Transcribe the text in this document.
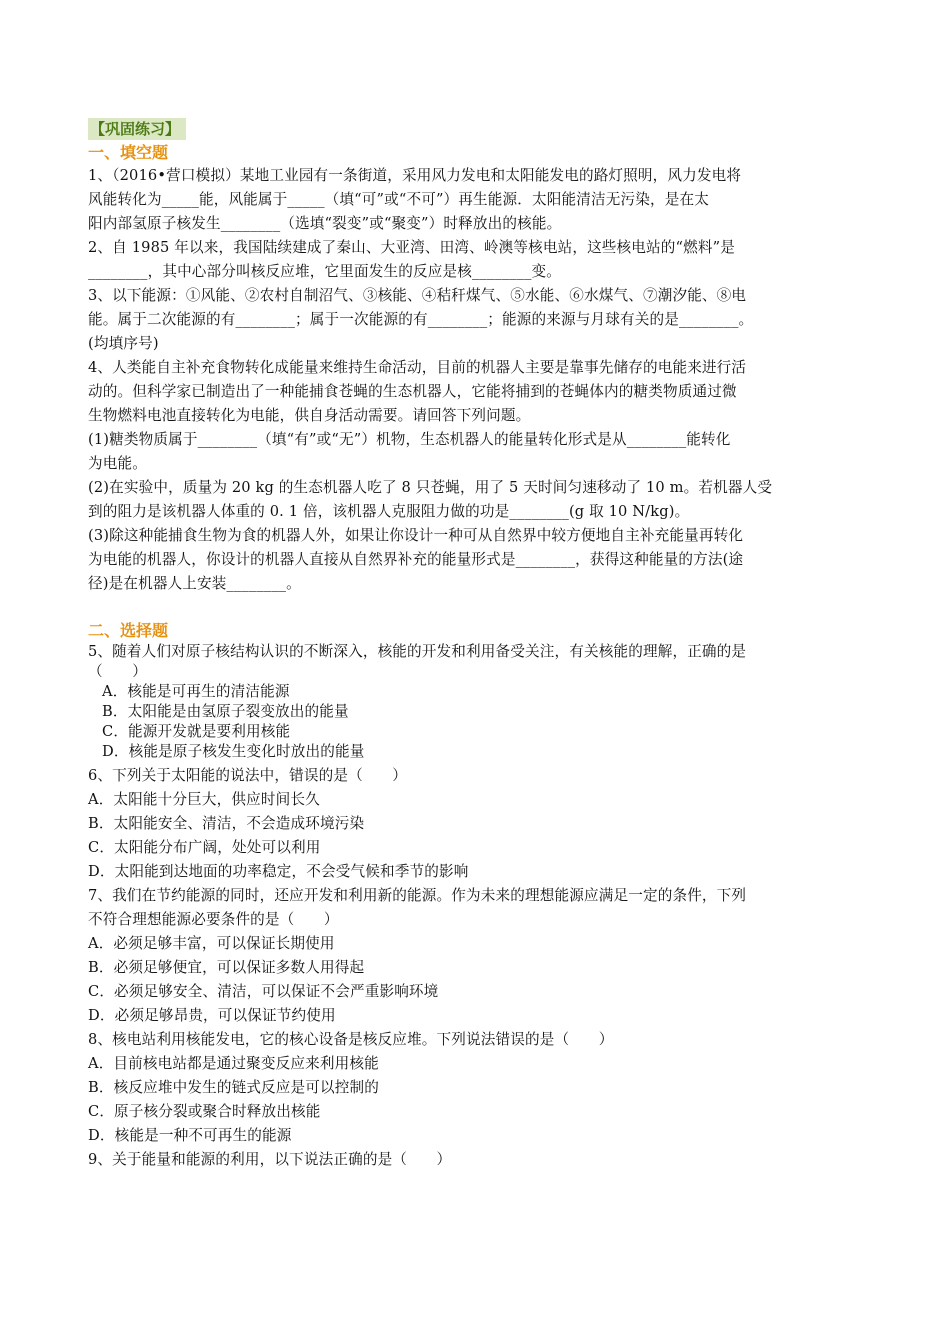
【巩固练习】
一、填空题
1、（2016•营口模拟）某地工业园有一条街道，采用风力发电和太阳能发电的路灯照明，风力发电将
风能转化为_____能，风能属于_____（填“可”或“不可”）再生能源．太阳能清洁无污染，是在太
阳内部氢原子核发生________（选填“裂变”或“聚变”）时释放出的核能。
2、自 1985 年以来，我国陆续建成了秦山、大亚湾、田湾、岭澳等核电站，这些核电站的“燃料”是
________，其中心部分叫核反应堆，它里面发生的反应是核________变。
3、以下能源：①风能、②农村自制沼气、③核能、④秸秆煤气、⑤水能、⑥水煤气、⑦潮汐能、⑧电
能。属于二次能源的有________；属于一次能源的有________；能源的来源与月球有关的是________。
(均填序号)
4、人类能自主补充食物转化成能量来维持生命活动，目前的机器人主要是靠事先储存的电能来进行活
动的。但科学家已制造出了一种能捕食苍蝇的生态机器人，它能将捕到的苍蝇体内的糖类物质通过微
生物燃料电池直接转化为电能，供自身活动需要。请回答下列问题。
(1)糖类物质属于________（填“有”或“无”）机物，生态机器人的能量转化形式是从________能转化
为电能。
(2)在实验中，质量为 20 kg 的生态机器人吃了 8 只苍蝇，用了 5 天时间匀速移动了 10 m。若机器人受
到的阻力是该机器人体重的 0. 1 倍，该机器人克服阻力做的功是________(g 取 10 N/kg)。
(3)除这种能捕食生物为食的机器人外，如果让你设计一种可从自然界中较方便地自主补充能量再转化
为电能的机器人，你设计的机器人直接从自然界补充的能量形式是________，获得这种能量的方法(途
径)是在机器人上安装________。
二、选择题
5、随着人们对原子核结构认识的不断深入，核能的开发和利用备受关注，有关核能的理解，正确的是
（　　）
A．核能是可再生的清洁能源
B．太阳能是由氢原子裂变放出的能量
C．能源开发就是要利用核能
D．核能是原子核发生变化时放出的能量
6、下列关于太阳能的说法中，错误的是（　　）
A．太阳能十分巨大，供应时间长久
B．太阳能安全、清洁，不会造成环境污染
C．太阳能分布广阔，处处可以利用
D．太阳能到达地面的功率稳定，不会受气候和季节的影响
7、我们在节约能源的同时，还应开发和利用新的能源。作为未来的理想能源应满足一定的条件，下列
不符合理想能源必要条件的是（　　）
A．必须足够丰富，可以保证长期使用
B．必须足够便宜，可以保证多数人用得起
C．必须足够安全、清洁，可以保证不会严重影响环境
D．必须足够昂贵，可以保证节约使用
8、核电站利用核能发电，它的核心设备是核反应堆。下列说法错误的是（　　）
A．目前核电站都是通过聚变反应来利用核能
B．核反应堆中发生的链式反应是可以控制的
C．原子核分裂或聚合时释放出核能
D．核能是一种不可再生的能源
9、关于能量和能源的利用，以下说法正确的是（　　）
